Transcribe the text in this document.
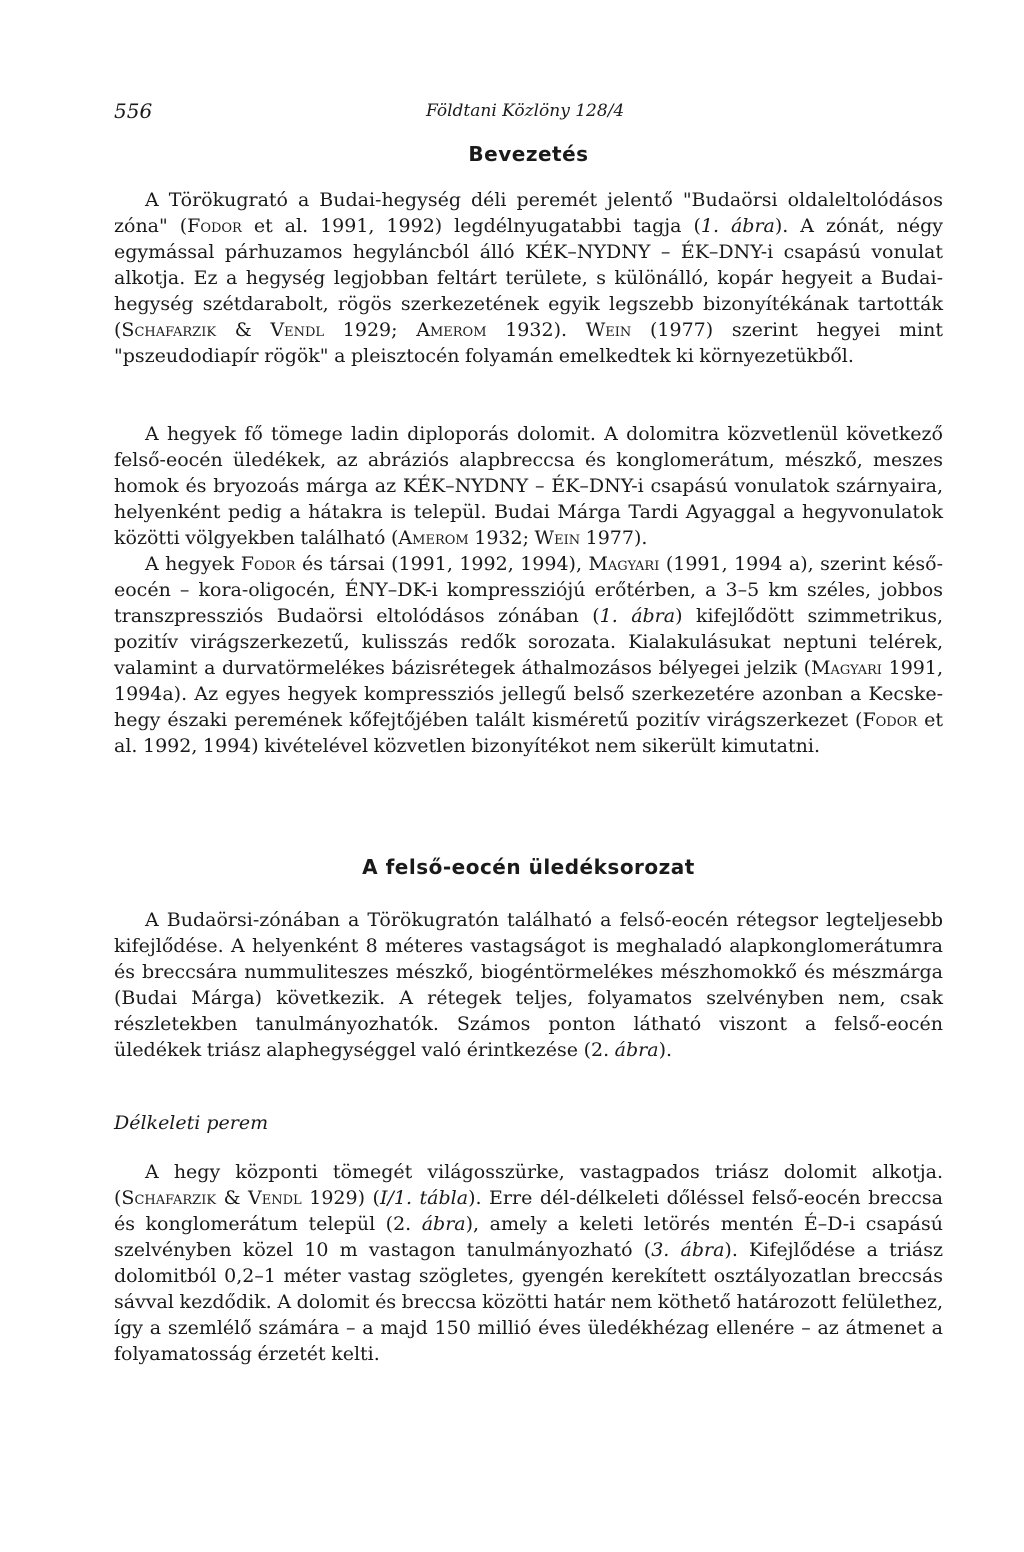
556	Földtani Közlöny 128/4
Bevezetés

A Törökugrató a Budai-hegység déli peremét jelentő "Budaörsi oldaleltolódásos zóna" (Fodor et al. 1991, 1992) legdélnyugatabbi tagja (1. ábra). A zónát, négy egymással párhuzamos hegyláncból álló KÉK–NYDNY – ÉK–DNY-i csapású vonulat alkotja. Ez a hegység legjobban feltárt területe, s különálló, kopár hegyeit a Budai-hegység szétdarabolt, rögös szerkezetének egyik legszebb bizonyítékának tartották (Schafarzik & Vendl 1929; Amerom 1932). Wein (1977) szerint hegyei mint "pszeudodiapír rögök" a pleisztocén folyamán emelkedtek ki környezetükből.

A hegyek fő tömege ladin diploporás dolomit. A dolomitra közvetlenül következő felső-eocén üledékek, az abráziós alapbreccsa és konglomerátum, mészkő, meszes homok és bryozoás márga az KÉK–NYDNY – ÉK–DNY-i csapású vonulatok szárnyaira, helyenként pedig a hátakra is települ. Budai Márga Tardi Agyaggal a hegyvonulatok közötti völgyekben található (Amerom 1932; Wein 1977).

A hegyek Fodor és társai (1991, 1992, 1994), Magyari (1991, 1994 a), szerint késő-eocén – kora-oligocén, ÉNY–DK-i kompressziójú erőtérben, a 3–5 km széles, jobbos transzpressziós Budaörsi eltolódásos zónában (1. ábra) kifejlődött szimmetrikus, pozitív virágszerkezetű, kulisszás redők sorozata. Kialakulásukat neptuni telérek, valamint a durvatörmelékes bázisrétegek áthalmozásos bélyegei jelzik (Magyari 1991, 1994a). Az egyes hegyek kompressziós jellegű belső szerkezetére azonban a Kecske-hegy északi peremének kőfejtőjében talált kisméretű pozitív virágszerkezet (Fodor et al. 1992, 1994) kivételével közvetlen bizonyítékot nem sikerült kimutatni.

A felső-eocén üledéksorozat

A Budaörsi-zónában a Törökugratón található a felső-eocén rétegsor legteljesebb kifejlődése. A helyenként 8 méteres vastagságot is meghaladó alapkonglomerátumra és breccsára nummuliteszes mészkő, biogéntörmelékes mészhomokkő és mészmárga (Budai Márga) következik. A rétegek teljes, folyamatos szelvényben nem, csak részletekben tanulmányozhatók. Számos ponton látható viszont a felső-eocén üledékek triász alaphegységgel való érintkezése (2. ábra).

Délkeleti perem

A hegy központi tömegét világosszürke, vastagpados triász dolomit alkotja. (Schafarzik & Vendl 1929) (I/1. tábla). Erre dél-délkeleti dőléssel felső-eocén breccsa és konglomerátum települ (2. ábra), amely a keleti letörés mentén É–D-i csapású szelvényben közel 10 m vastagon tanulmányozható (3. ábra). Kifejlődése a triász dolomitból 0,2–1 méter vastag szögletes, gyengén kerekített osztályozatlan breccsás sávval kezdődik. A dolomit és breccsa közötti határ nem köthető határozott felülethez, így a szemlélő számára – a majd 150 millió éves üledékhézag ellenére – az átmenet a folyamatosság érzetét kelti.
